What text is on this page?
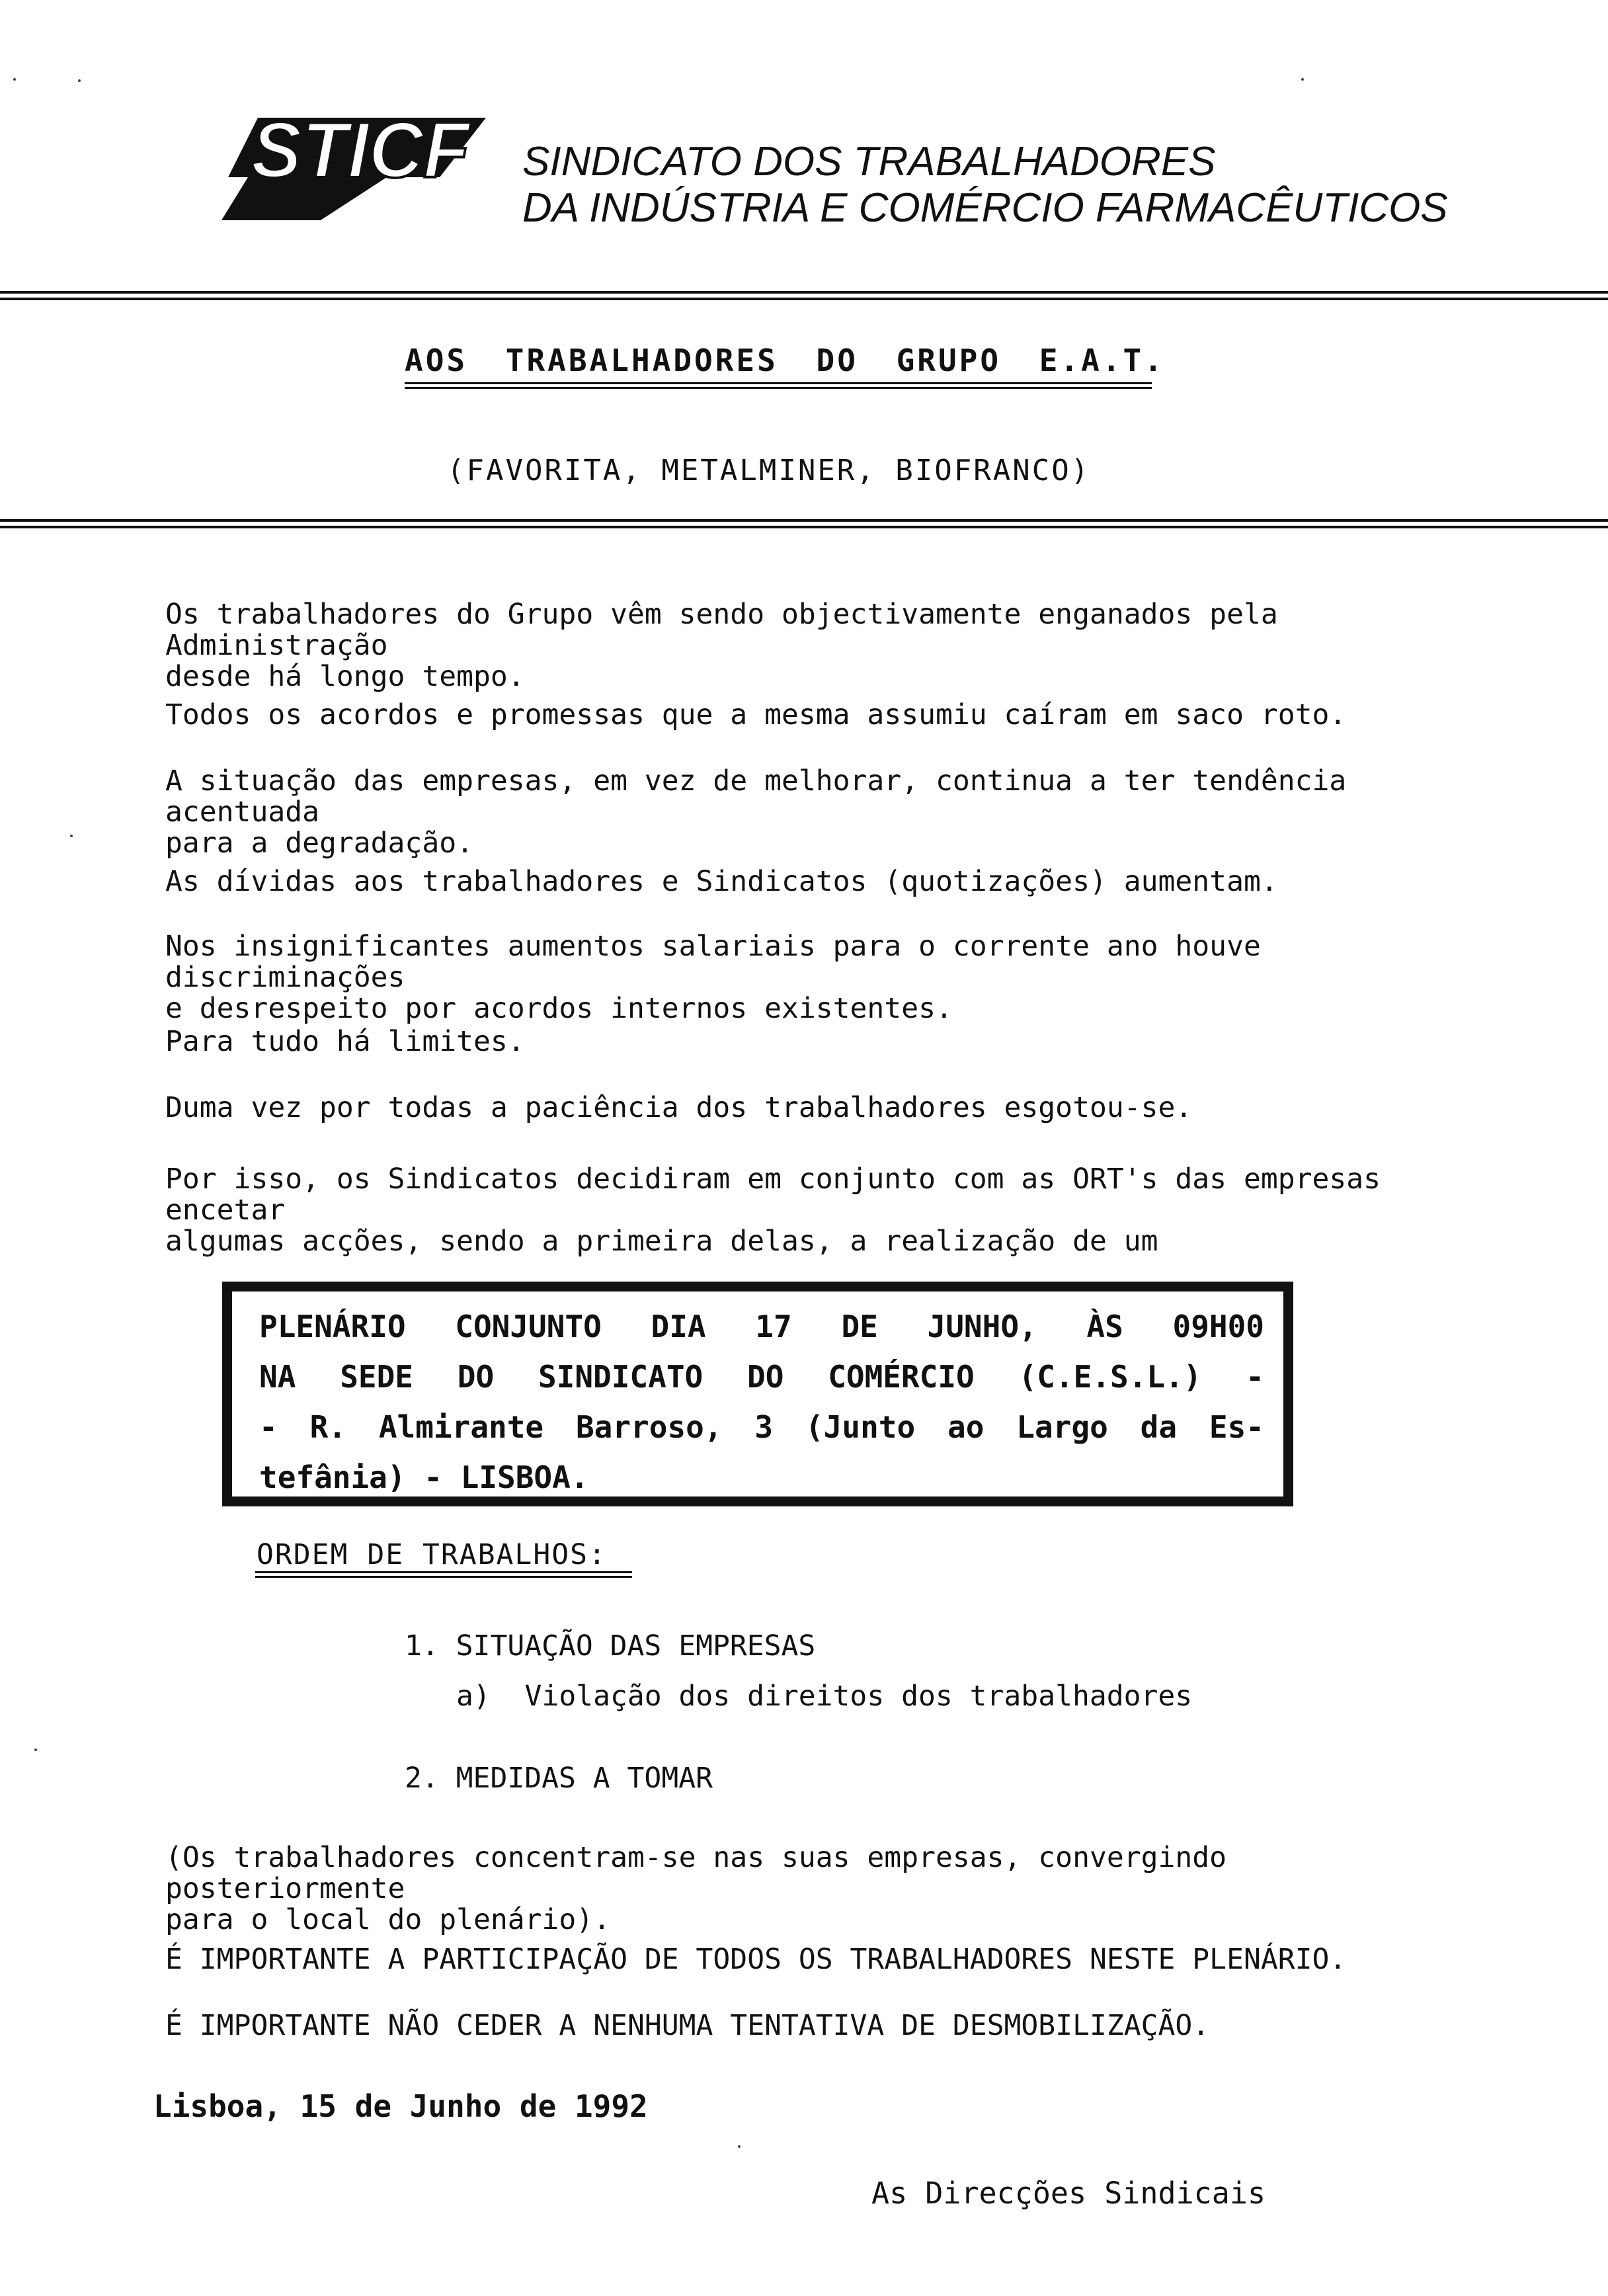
STICF SINDICATO DOS TRABALHADORES
DA INDÚSTRIA E COMÉRCIO FARMACÊUTICOS
AOS TRABALHADORES DO GRUPO E.A.T.
(FAVORITA, METALMINER, BIOFRANCO)
Os trabalhadores do Grupo vêm sendo objectivamente enganados pela Administração
desde há longo tempo.
Todos os acordos e promessas que a mesma assumiu caíram em saco roto.
A situação das empresas, em vez de melhorar, continua a ter tendência acentuada
para a degradação.
As dívidas aos trabalhadores e Sindicatos (quotizações) aumentam.
Nos insignificantes aumentos salariais para o corrente ano houve discriminações
e desrespeito por acordos internos existentes.
Para tudo há limites.
Duma vez por todas a paciência dos trabalhadores esgotou-se.
Por isso, os Sindicatos decidiram em conjunto com as ORT's das empresas encetar
algumas acções, sendo a primeira delas, a realização de um
PLENÁRIO CONJUNTO DIA 17 DE JUNHO, ÀS 09H00
NA SEDE DO SINDICATO DO COMÉRCIO (C.E.S.L.) -
- R. Almirante Barroso, 3 (Junto ao Largo da Es-
tefânia) - LISBOA.
ORDEM DE TRABALHOS:
1. SITUAÇÃO DAS EMPRESAS
a)  Violação dos direitos dos trabalhadores
2. MEDIDAS A TOMAR
(Os trabalhadores concentram-se nas suas empresas, convergindo  posteriormente
para o local do plenário).
É IMPORTANTE A PARTICIPAÇÃO DE TODOS OS TRABALHADORES NESTE PLENÁRIO.
É IMPORTANTE NÃO CEDER A NENHUMA TENTATIVA DE DESMOBILIZAÇÃO.
Lisboa, 15 de Junho de 1992
As Direcções Sindicais
